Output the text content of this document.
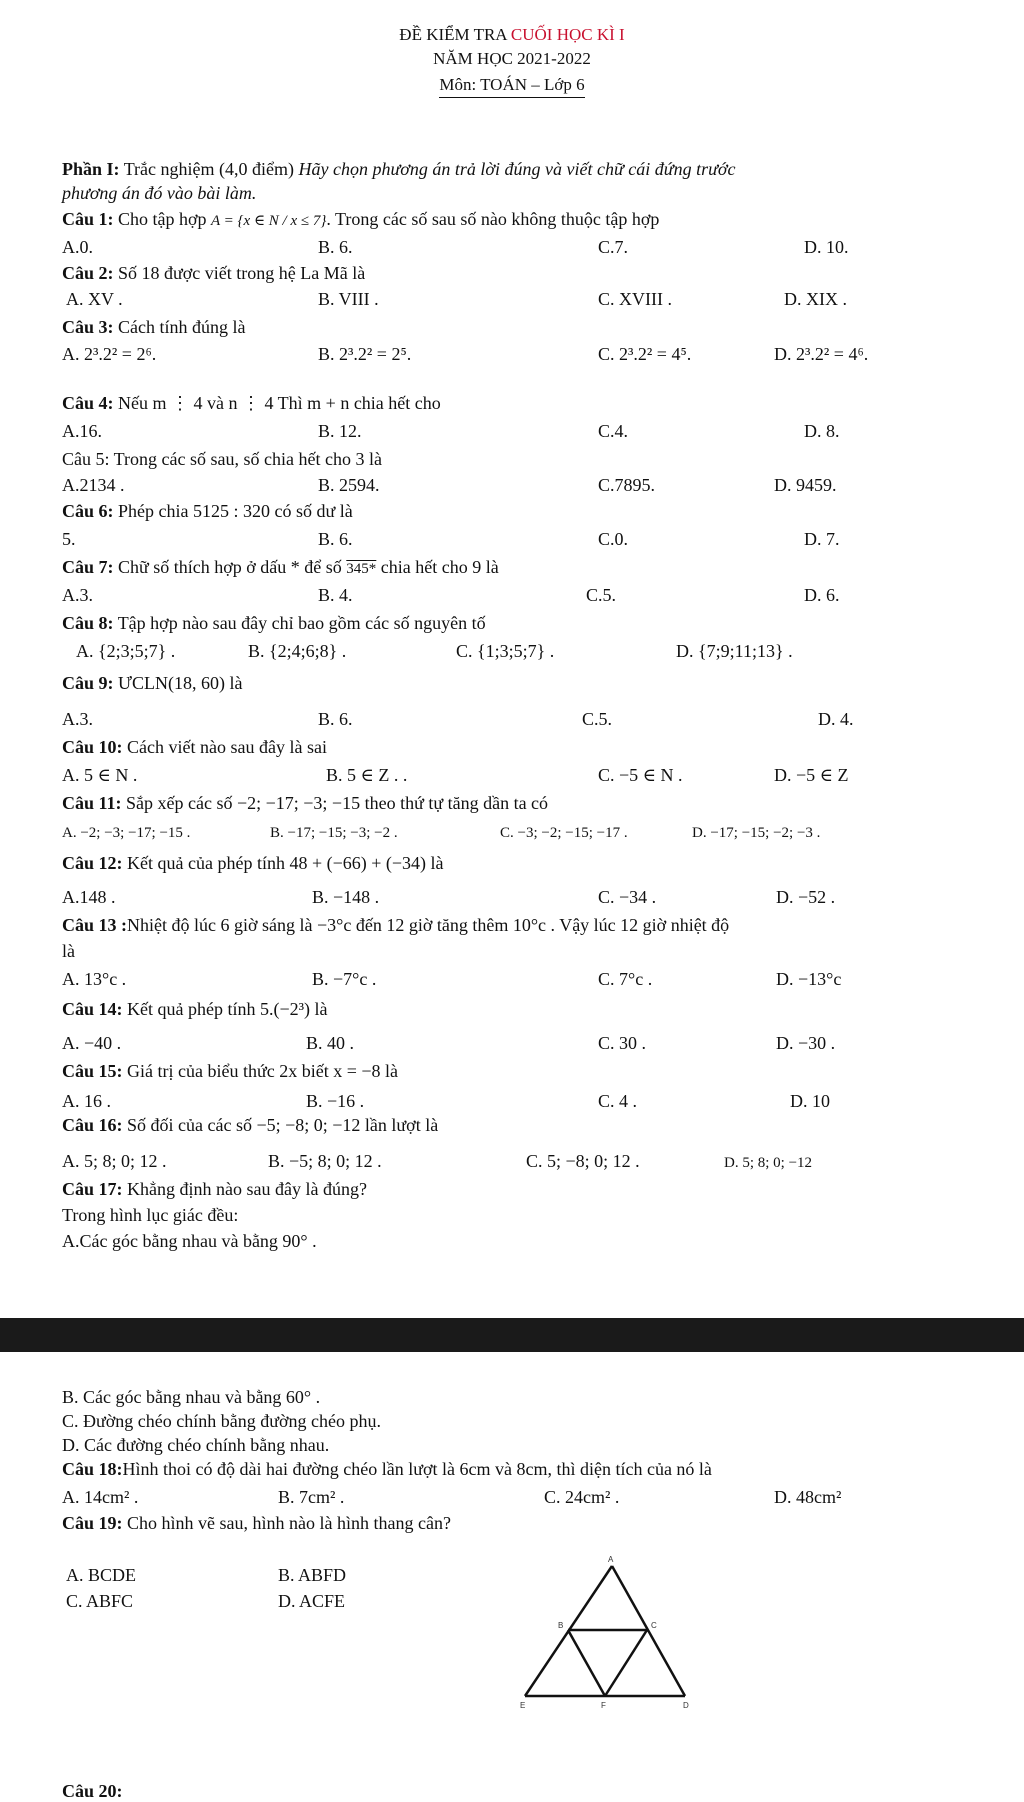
ĐỀ KIỂM TRA CUỐI HỌC KÌ I
NĂM HỌC 2021-2022
Môn: TOÁN – Lớp 6
Phần I: Trắc nghiệm (4,0 điểm) Hãy chọn phương án trả lời đúng và viết chữ cái đứng trước
phương án đó vào bài làm.
Câu 1: Cho tập hợp A = {x ∈ N / x ≤ 7}. Trong các số sau số nào không thuộc tập hợp
A.0.	B. 6.	C.7.	D. 10.
Câu 2: Số 18 được viết trong hệ La Mã là
A. XV .	B. VIII .	C. XVIII .	D. XIX .
Câu 3: Cách tính đúng là
A. 2³.2² = 2⁶.	B. 2³.2² = 2⁵.	C. 2³.2² = 4⁵.	D. 2³.2² = 4⁶.
Câu 4: Nếu m ⋮ 4 và n ⋮ 4 Thì m + n chia hết cho
A.16.	B. 12.	C.4.	D. 8.
Câu 5: Trong các số sau, số chia hết cho 3 là
A.2134 .	B. 2594.	C.7895.	D. 9459.
Câu 6: Phép chia 5125 : 320 có số dư là
5.	B. 6.	C.0.	D. 7.
Câu 7: Chữ số thích hợp ở dấu * để số 345* chia hết cho 9 là
A.3.	B. 4.	C.5.	D. 6.
Câu 8: Tập hợp nào sau đây chỉ bao gồm các số nguyên tố
A. {2;3;5;7} .	B. {2;4;6;8} .	C. {1;3;5;7} .	D. {7;9;11;13} .
Câu 9: ƯCLN(18, 60) là
A.3.	B. 6.	C.5.	D. 4.
Câu 10: Cách viết nào sau đây là sai
A. 5 ∈ N .	B. 5 ∈ Z . .	C. −5 ∈ N .	D. −5 ∈ Z
Câu 11: Sắp xếp các số −2; −17; −3; −15 theo thứ tự tăng dần ta có
A. −2; −3; −17; −15 .	B. −17; −15; −3; −2 .	C. −3; −2; −15; −17 .	D. −17; −15; −2; −3 .
Câu 12: Kết quả của phép tính 48 + (−66) + (−34) là
A.148 .	B. −148 .	C. −34 .	D. −52 .
Câu 13 :Nhiệt độ lúc 6 giờ sáng là −3°c đến 12 giờ tăng thêm 10°c . Vậy lúc 12 giờ nhiệt độ
là
A. 13°c .	B. −7°c .	C. 7°c .	D. −13°c
Câu 14: Kết quả phép tính 5.(−2³) là
A. −40 .	B. 40 .	C. 30 .	D. −30 .
Câu 15: Giá trị của biểu thức 2x biết x = −8 là
A. 16 .	B. −16 .	C. 4 .	D. 10
Câu 16: Số đối của các số −5; −8; 0; −12 lần lượt là
A. 5; 8; 0; 12 .	B. −5; 8; 0; 12 .	C. 5; −8; 0; 12 .	D. 5; 8; 0; −12
Câu 17: Khẳng định nào sau đây là đúng?
Trong hình lục giác đều:
A.Các góc bằng nhau và bằng 90° .
B. Các góc bằng nhau và bằng 60° .
C. Đường chéo chính bằng đường chéo phụ.
D. Các đường chéo chính bằng nhau.
Câu 18:Hình thoi có độ dài hai đường chéo lần lượt là 6cm và 8cm, thì diện tích của nó là
A. 14cm² .	B. 7cm² .	C. 24cm² .	D. 48cm²
Câu 19: Cho hình vẽ sau, hình nào là hình thang cân?
A. BCDE	B. ABFD
C. ABFC	D. ACFE
A
B	C
E	F	D
Câu 20:
